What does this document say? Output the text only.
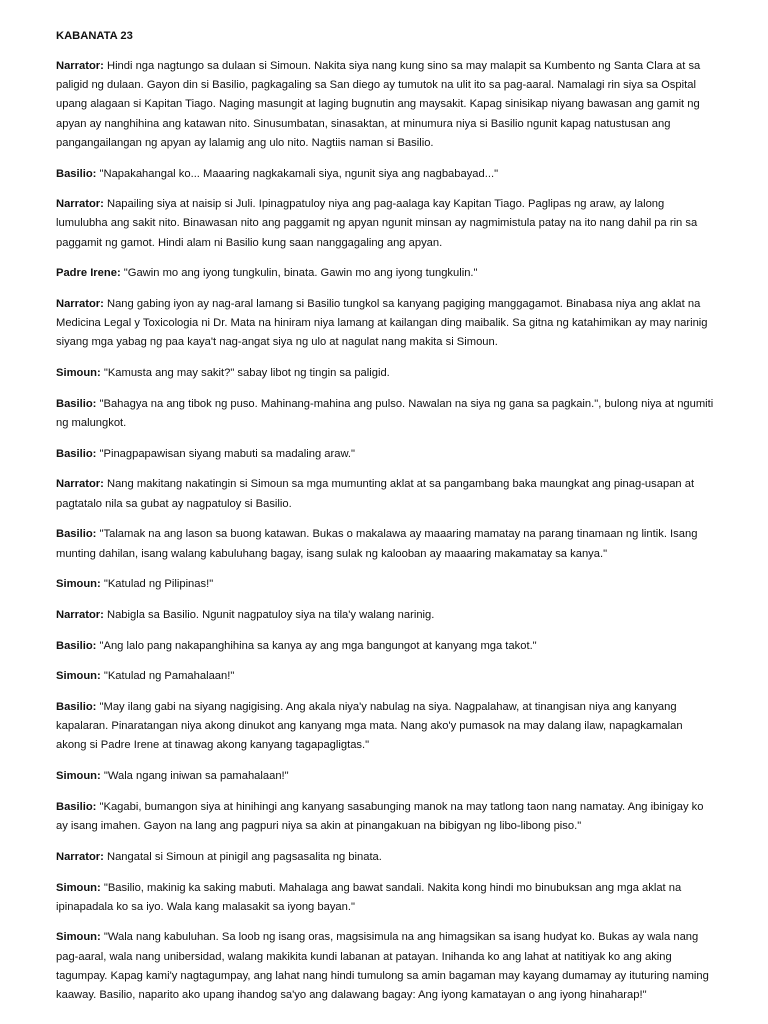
KABANATA 23

Narrator: Hindi nga nagtungo sa dulaan si Simoun. Nakita siya nang kung sino sa may malapit sa Kumbento ng Santa Clara at sa paligid ng dulaan. Gayon din si Basilio, pagkagaling sa San diego ay tumutok na ulit ito sa pag-aaral. Namalagi rin siya sa Ospital upang alagaan si Kapitan Tiago. Naging masungit at laging bugnutin ang maysakit. Kapag sinisikap niyang bawasan ang gamit ng apyan ay nanghihina ang katawan nito. Sinusumbatan, sinasaktan, at minumura niya si Basilio ngunit kapag natustusan ang pangangailangan ng apyan ay lalamig ang ulo nito. Nagtiis naman si Basilio.

Basilio: "Napakahangal ko... Maaaring nagkakamali siya, ngunit siya ang nagbabayad..."

Narrator: Napailing siya at naisip si Juli. Ipinagpatuloy niya ang pag-aalaga kay Kapitan Tiago. Paglipas ng araw, ay lalong lumulubha ang sakit nito. Binawasan nito ang paggamit ng apyan ngunit minsan ay nagmimistula patay na ito nang dahil pa rin sa paggamit ng gamot. Hindi alam ni Basilio kung saan nanggagaling ang apyan.

Padre Irene: "Gawin mo ang iyong tungkulin, binata. Gawin mo ang iyong tungkulin."

Narrator: Nang gabing iyon ay nag-aral lamang si Basilio tungkol sa kanyang pagiging manggagamot. Binabasa niya ang aklat na Medicina Legal y Toxicologia ni Dr. Mata na hiniram niya lamang at kailangan ding maibalik. Sa gitna ng katahimikan ay may narinig siyang mga yabag ng paa kaya't nag-angat siya ng ulo at nagulat nang makita si Simoun.

Simoun: "Kamusta ang may sakit?" sabay libot ng tingin sa paligid.

Basilio: "Bahagya na ang tibok ng puso. Mahinang-mahina ang pulso. Nawalan na siya ng gana sa pagkain.", bulong niya at ngumiti ng malungkot.

Basilio: "Pinagpapawisan siyang mabuti sa madaling araw."

Narrator: Nang makitang nakatingin si Simoun sa mga mumunting aklat at sa pangambang baka maungkat ang pinag-usapan at pagtatalo nila sa gubat ay nagpatuloy si Basilio.

Basilio: "Talamak na ang lason sa buong katawan. Bukas o makalawa ay maaaring mamatay na parang tinamaan ng lintik. Isang munting dahilan, isang walang kabuluhang bagay, isang sulak ng kalooban ay maaaring makamatay sa kanya."

Simoun: "Katulad ng Pilipinas!"

Narrator: Nabigla sa Basilio. Ngunit nagpatuloy siya na tila'y walang narinig.

Basilio: "Ang lalo pang nakapanghihina sa kanya ay ang mga bangungot at kanyang mga takot."

Simoun: "Katulad ng Pamahalaan!"

Basilio: "May ilang gabi na siyang nagigising. Ang akala niya'y nabulag na siya. Nagpalahaw, at tinangisan niya ang kanyang kapalaran. Pinaratangan niya akong dinukot ang kanyang mga mata. Nang ako'y pumasok na may dalang ilaw, napagkamalan akong si Padre Irene at tinawag akong kanyang tagapagligtas."

Simoun: "Wala ngang iniwan sa pamahalaan!"

Basilio: "Kagabi, bumangon siya at hinihingi ang kanyang sasabunging manok na may tatlong taon nang namatay. Ang ibinigay ko ay isang imahen. Gayon na lang ang pagpuri niya sa akin at pinangakuan na bibigyan ng libo-libong piso."

Narrator: Nangatal si Simoun at pinigil ang pagsasalita ng binata.

Simoun: "Basilio, makinig ka saking mabuti. Mahalaga ang bawat sandali. Nakita kong hindi mo binubuksan ang mga aklat na ipinapadala ko sa iyo. Wala kang malasakit sa iyong bayan."

Simoun: "Wala nang kabuluhan. Sa loob ng isang oras, magsisimula na ang himagsikan sa isang hudyat ko. Bukas ay wala nang pag-aaral, wala nang unibersidad, walang makikita kundi labanan at patayan. Inihanda ko ang lahat at natitiyak ko ang aking tagumpay. Kapag kami'y nagtagumpay, ang lahat nang hindi tumulong sa amin bagaman may kayang dumamay ay ituturing naming kaaway. Basilio, naparito ako upang ihandog sa'yo ang dalawang bagay: Ang iyong kamatayan o ang iyong hinaharap!"
